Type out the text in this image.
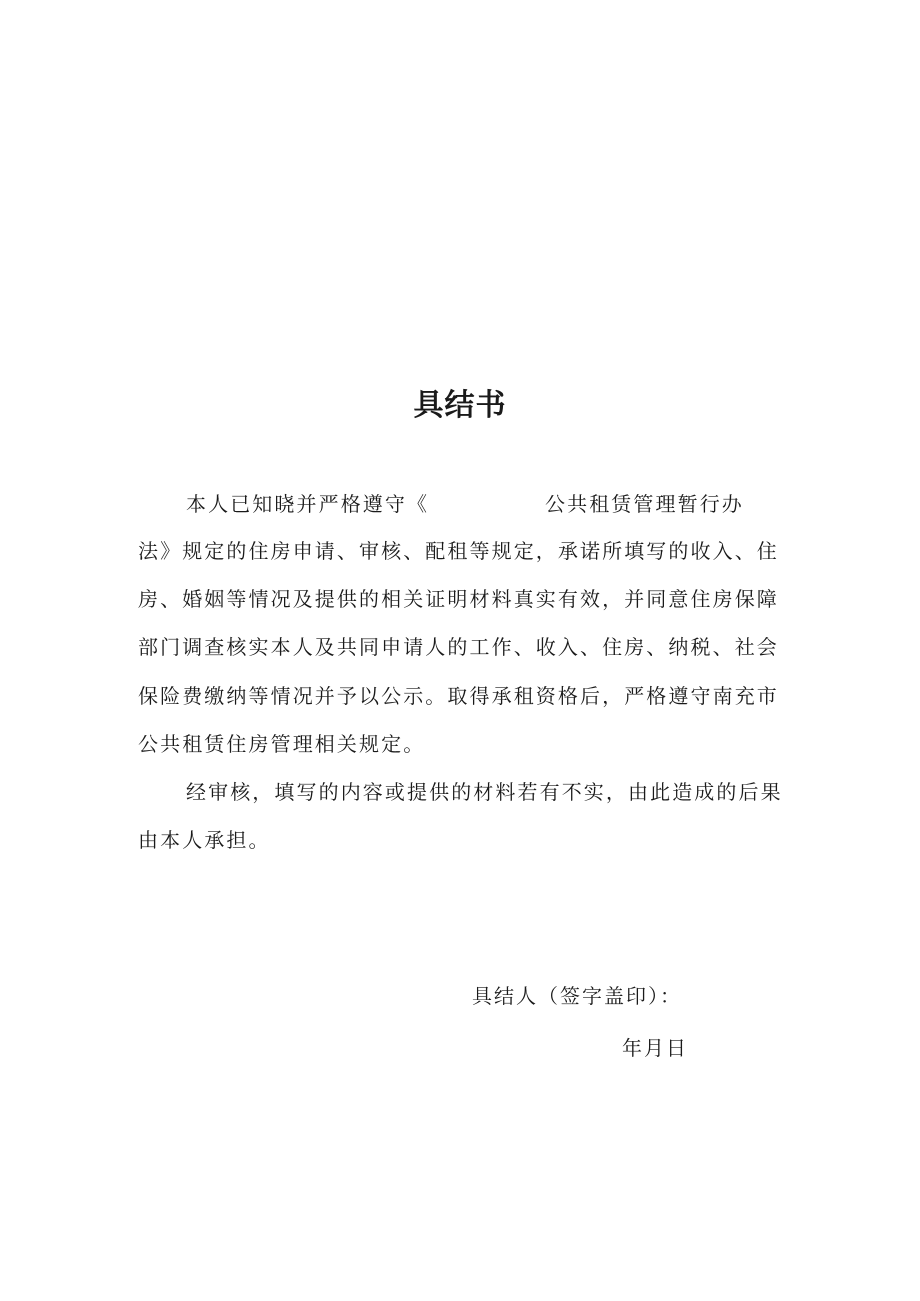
具结书
本人已知晓并严格遵守《	公共租赁管理暂行办
法》规定的住房申请、审核、配租等规定，承诺所填写的收入、住
房、婚姻等情况及提供的相关证明材料真实有效，并同意住房保障
部门调查核实本人及共同申请人的工作、收入、住房、纳税、社会
保险费缴纳等情况并予以公示。取得承租资格后，严格遵守南充市
公共租赁住房管理相关规定。
经审核，填写的内容或提供的材料若有不实，由此造成的后果
由本人承担。
具结人（签字盖印）：
年月日
